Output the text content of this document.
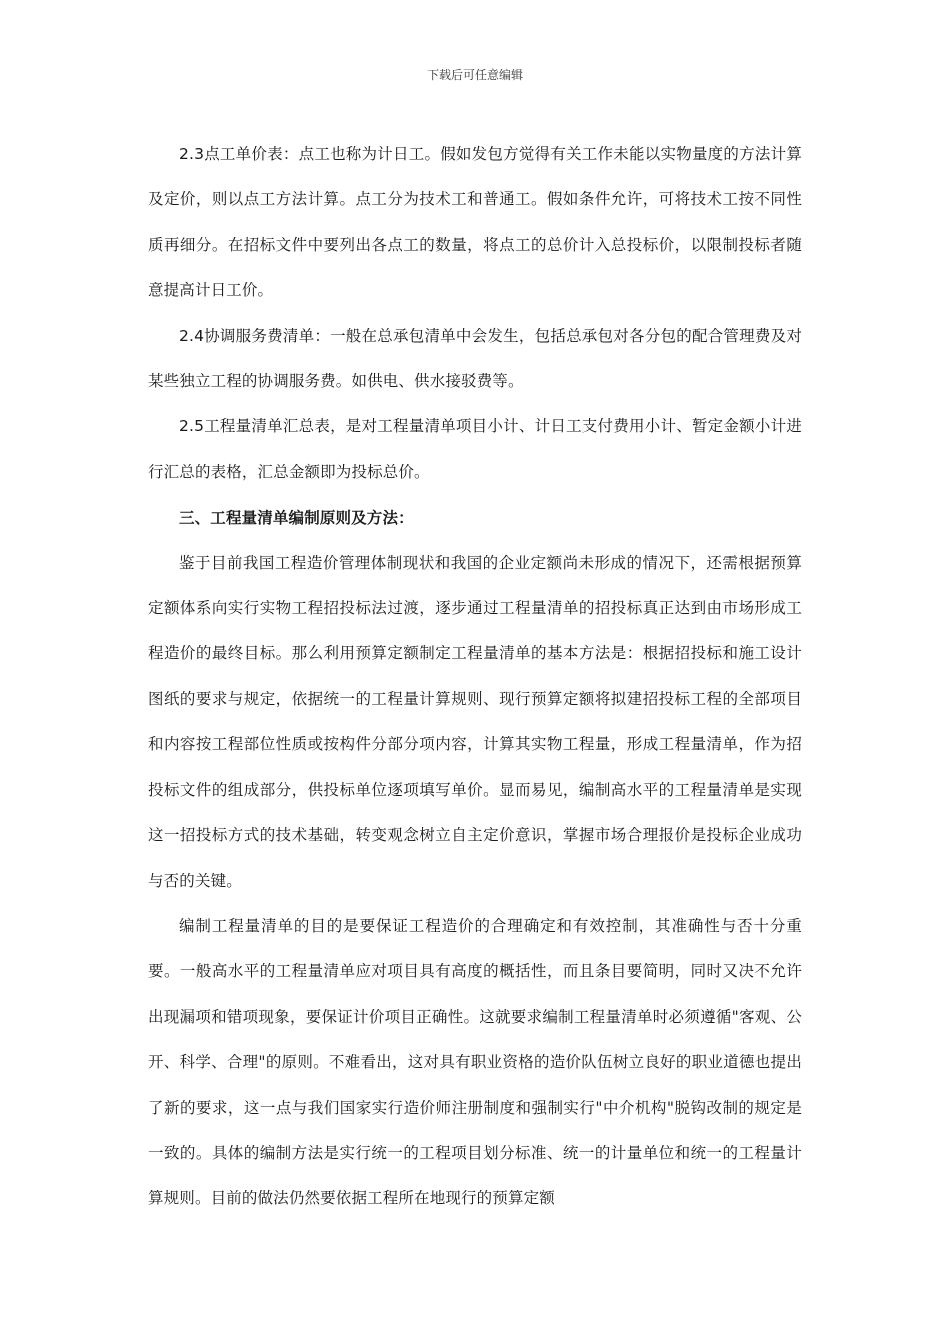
下载后可任意编辑

2.3点工单价表：点工也称为计日工。假如发包方觉得有关工作未能以实物量度的方法计算及定价，则以点工方法计算。点工分为技术工和普通工。假如条件允许，可将技术工按不同性质再细分。在招标文件中要列出各点工的数量，将点工的总价计入总投标价，以限制投标者随意提高计日工价。

2.4协调服务费清单：一般在总承包清单中会发生，包括总承包对各分包的配合管理费及对某些独立工程的协调服务费。如供电、供水接驳费等。

2.5工程量清单汇总表，是对工程量清单项目小计、计日工支付费用小计、暂定金额小计进行汇总的表格，汇总金额即为投标总价。

三、工程量清单编制原则及方法：

鉴于目前我国工程造价管理体制现状和我国的企业定额尚未形成的情况下，还需根据预算定额体系向实行实物工程招投标法过渡，逐步通过工程量清单的招投标真正达到由市场形成工程造价的最终目标。那么利用预算定额制定工程量清单的基本方法是：根据招投标和施工设计图纸的要求与规定，依据统一的工程量计算规则、现行预算定额将拟建招投标工程的全部项目和内容按工程部位性质或按构件分部分项内容，计算其实物工程量，形成工程量清单，作为招投标文件的组成部分，供投标单位逐项填写单价。显而易见，编制高水平的工程量清单是实现这一招投标方式的技术基础，转变观念树立自主定价意识，掌握市场合理报价是投标企业成功与否的关键。

编制工程量清单的目的是要保证工程造价的合理确定和有效控制，其准确性与否十分重要。一般高水平的工程量清单应对项目具有高度的概括性，而且条目要简明，同时又决不允许出现漏项和错项现象，要保证计价项目正确性。这就要求编制工程量清单时必须遵循"客观、公开、科学、合理"的原则。不难看出，这对具有职业资格的造价队伍树立良好的职业道德也提出了新的要求，这一点与我们国家实行造价师注册制度和强制实行"中介机构"脱钩改制的规定是一致的。具体的编制方法是实行统一的工程项目划分标准、统一的计量单位和统一的工程量计算规则。目前的做法仍然要依据工程所在地现行的预算定额
